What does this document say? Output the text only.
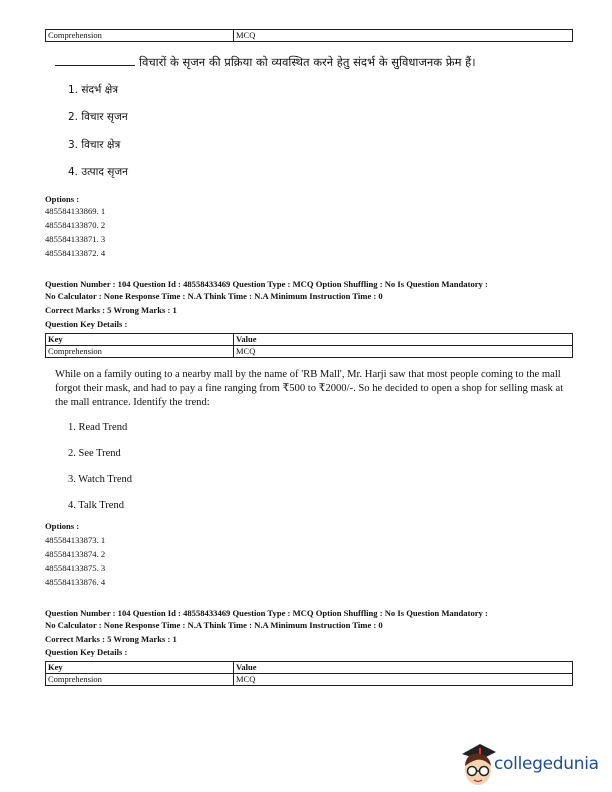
Comprehension	MCQ
विचारों के सृजन की प्रक्रिया को व्यवस्थित करने हेतु संदर्भ के सुविधाजनक फ्रेम हैं।
1. संदर्भ क्षेत्र
2. विचार सृजन
3. विचार क्षेत्र
4. उत्पाद सृजन
Options :
485584133869. 1
485584133870. 2
485584133871. 3
485584133872. 4
Question Number : 104 Question Id : 48558433469 Question Type : MCQ Option Shuffling : No Is Question Mandatory :
No Calculator : None Response Time : N.A Think Time : N.A Minimum Instruction Time : 0
Correct Marks : 5 Wrong Marks : 1
Question Key Details :
Key	Value
Comprehension	MCQ
While on a family outing to a nearby mall by the name of 'RB Mall', Mr. Harji saw that most people coming to the mall forgot their mask, and had to pay a fine ranging from ₹500 to ₹2000/-. So he decided to open a shop for selling mask at the mall entrance. Identify the trend:
1. Read Trend
2. See Trend
3. Watch Trend
4. Talk Trend
Options :
485584133873. 1
485584133874. 2
485584133875. 3
485584133876. 4
Question Number : 104 Question Id : 48558433469 Question Type : MCQ Option Shuffling : No Is Question Mandatory :
No Calculator : None Response Time : N.A Think Time : N.A Minimum Instruction Time : 0
Correct Marks : 5 Wrong Marks : 1
Question Key Details :
Key	Value
Comprehension	MCQ
collegedunia
